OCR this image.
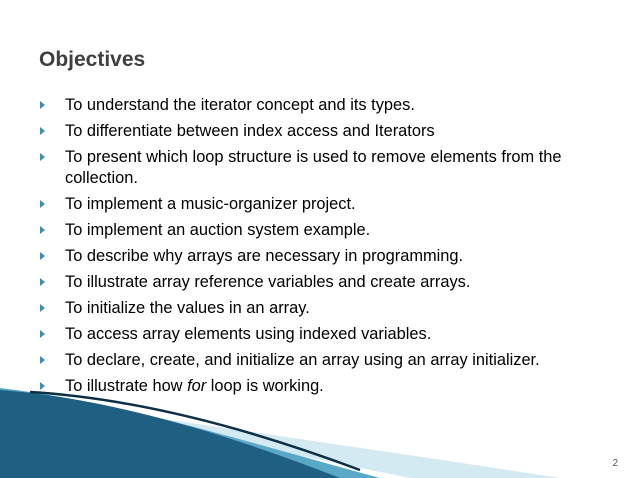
Objectives
To understand the iterator concept and its types.
To differentiate between index access and Iterators
To present which loop structure is used to remove elements from the collection.
To implement a music-organizer project.
To implement an auction system example.
To describe why arrays are necessary in programming.
To illustrate array reference variables and create arrays.
To initialize the values in an array.
To access array elements using indexed variables.
To declare, create, and initialize an array using an array initializer.
To illustrate how for loop is working.
2
